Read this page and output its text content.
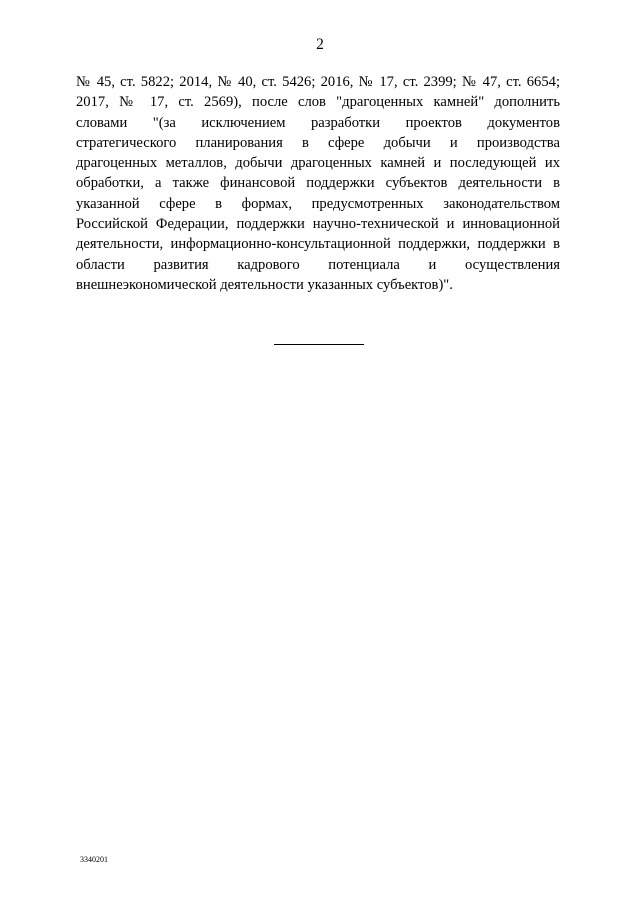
2
№ 45, ст. 5822; 2014, № 40, ст. 5426; 2016, № 17, ст. 2399; № 47, ст. 6654;
2017, № 17, ст. 2569), после слов "драгоценных камней" дополнить
словами "(за исключением разработки проектов документов
стратегического планирования в сфере добычи и производства
драгоценных металлов, добычи драгоценных камней и последующей их
обработки, а также финансовой поддержки субъектов деятельности в
указанной сфере в формах, предусмотренных законодательством
Российской Федерации, поддержки научно-технической и инновационной
деятельности, информационно-консультационной поддержки, поддержки в
области развития кадрового потенциала и осуществления
внешнеэкономической деятельности указанных субъектов)".
3340201
